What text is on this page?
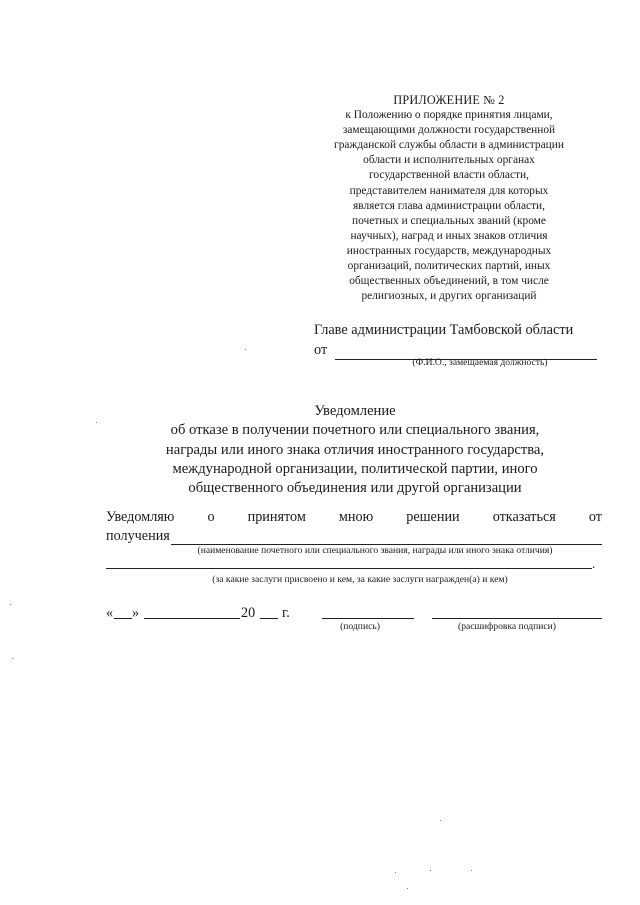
ПРИЛОЖЕНИЕ № 2
к Положению о порядке принятия лицами,
замещающими должности государственной
гражданской службы области в администрации
области и исполнительных органах
государственной власти области,
представителем нанимателя для которых
является глава администрации области,
почетных и специальных званий (кроме
научных), наград и иных знаков отличия
иностранных государств, международных
организаций, политических партий, иных
общественных объединений, в том числе
религиозных, и других организаций
Главе администрации Тамбовской области
от
(Ф.И.О., замещаемая должность)
Уведомление
об отказе в получении почетного или специального звания,
награды или иного знака отличия иностранного государства,
международной организации, политической партии, иного
общественного объединения или другой организации
Уведомляю о принятом мною решении отказаться от
получения
(наименование почетного или специального звания, награды или иного знака отличия)
.
(за какие заслуги присвоено и кем, за какие заслуги награжден(а) и кем)
« »	20 г.
(подпись)	(расшифровка подписи)
